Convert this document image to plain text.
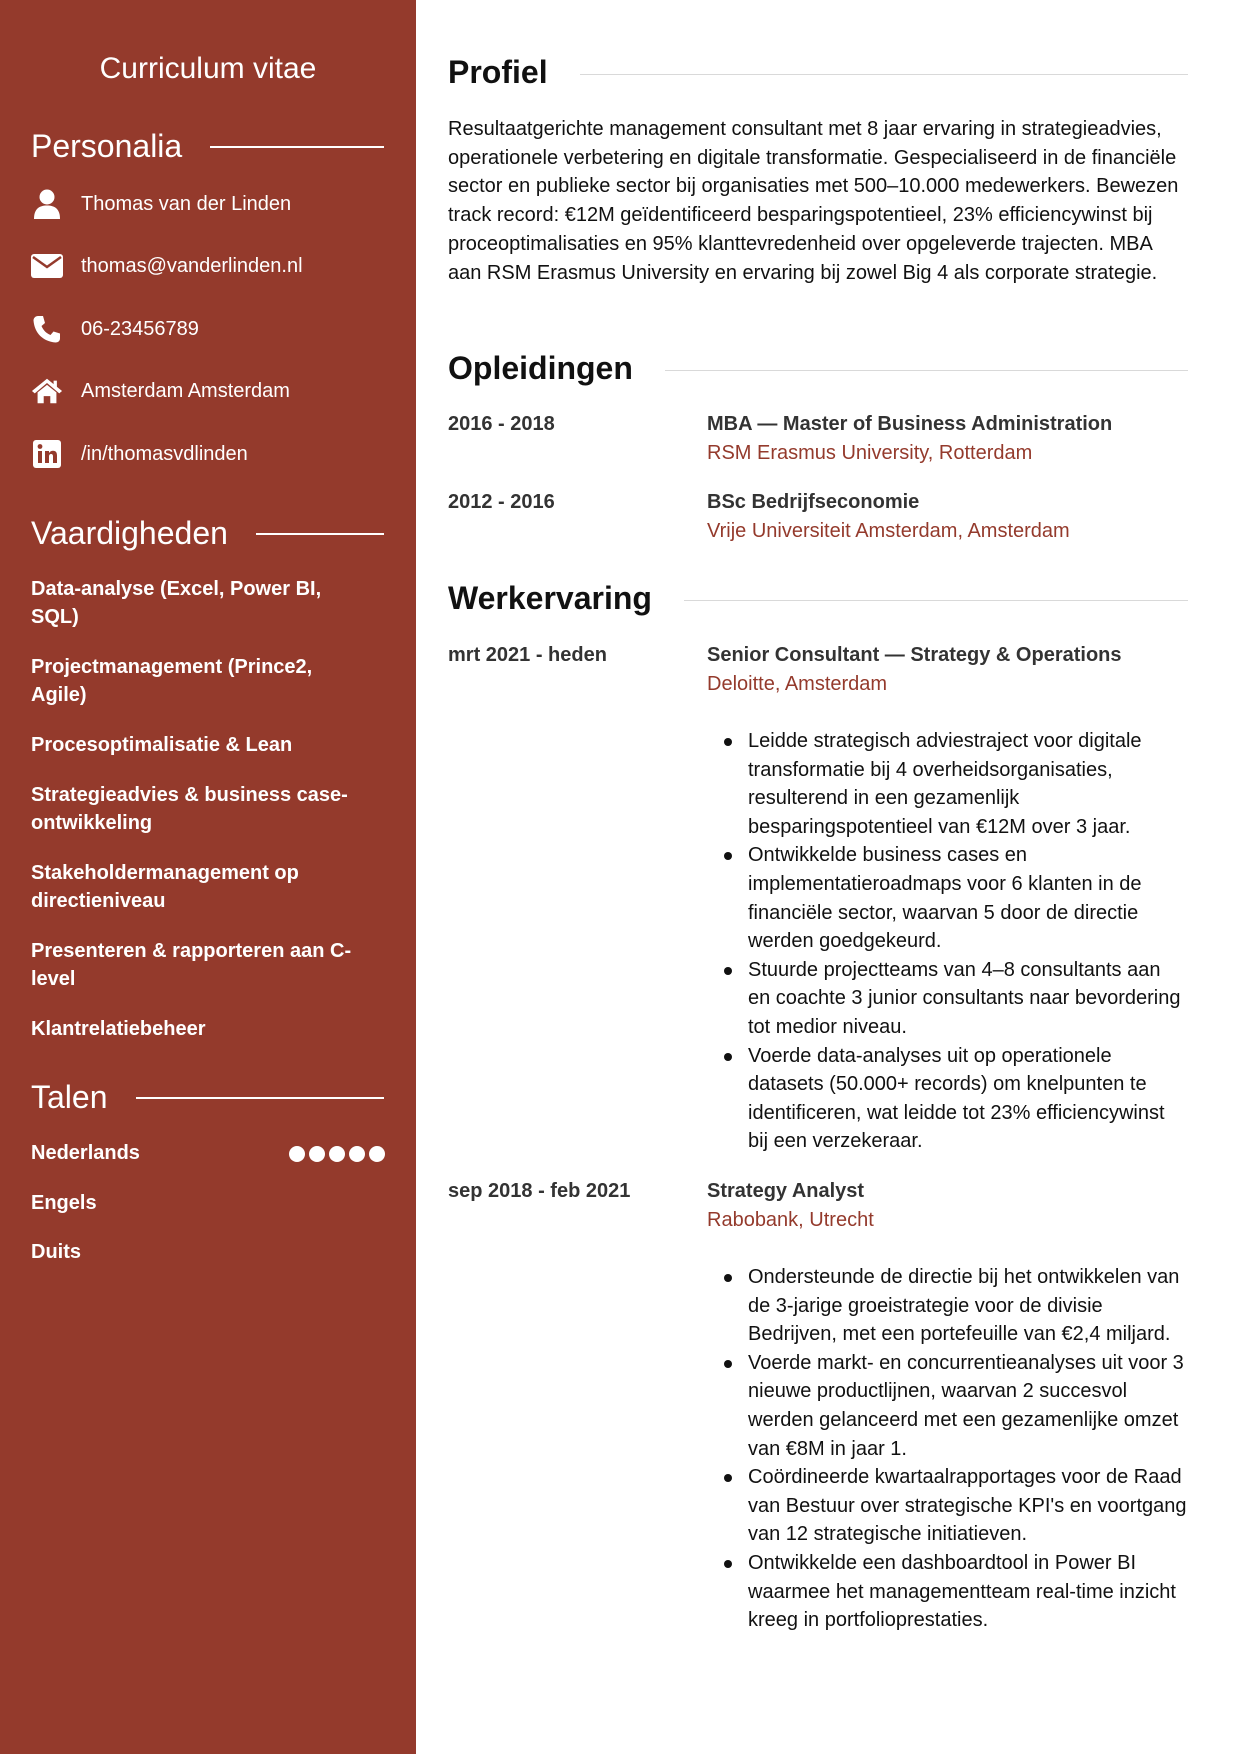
Curriculum vitae
Personalia
Thomas van der Linden
thomas@vanderlinden.nl
06-23456789
Amsterdam Amsterdam
/in/thomasvdlinden
Vaardigheden
Data-analyse (Excel, Power BI, SQL)
Projectmanagement (Prince2, Agile)
Procesoptimalisatie & Lean
Strategieadvies & business case-ontwikkeling
Stakeholdermanagement op directieniveau
Presenteren & rapporteren aan C-level
Klantrelatiebeheer
Talen
Nederlands
Engels
Duits
Profiel

Resultaatgerichte management consultant met 8 jaar ervaring in strategieadvies, operationele verbetering en digitale transformatie. Gespecialiseerd in de financiële sector en publieke sector bij organisaties met 500–10.000 medewerkers. Bewezen track record: €12M geïdentificeerd besparingspotentieel, 23% efficiencywinst bij proceoptimalisaties en 95% klanttevredenheid over opgeleverde trajecten. MBA aan RSM Erasmus University en ervaring bij zowel Big 4 als corporate strategie.

Opleidingen
2016 - 2018	MBA — Master of Business Administration
RSM Erasmus University, Rotterdam
2012 - 2016	BSc Bedrijfseconomie
Vrije Universiteit Amsterdam, Amsterdam
Werkervaring
mrt 2021 - heden	Senior Consultant — Strategy & Operations
Deloitte, Amsterdam
Leidde strategisch adviestraject voor digitale transformatie bij 4 overheidsorganisaties, resulterend in een gezamenlijk besparingspotentieel van €12M over 3 jaar.
Ontwikkelde business cases en implementatieroadmaps voor 6 klanten in de financiële sector, waarvan 5 door de directie werden goedgekeurd.
Stuurde projectteams van 4–8 consultants aan en coachte 3 junior consultants naar bevordering tot medior niveau.
Voerde data-analyses uit op operationele datasets (50.000+ records) om knelpunten te identificeren, wat leidde tot 23% efficiencywinst bij een verzekeraar.
sep 2018 - feb 2021	Strategy Analyst
Rabobank, Utrecht
Ondersteunde de directie bij het ontwikkelen van de 3-jarige groeistrategie voor de divisie Bedrijven, met een portefeuille van €2,4 miljard.
Voerde markt- en concurrentieanalyses uit voor 3 nieuwe productlijnen, waarvan 2 succesvol werden gelanceerd met een gezamenlijke omzet van €8M in jaar 1.
Coördineerde kwartaalrapportages voor de Raad van Bestuur over strategische KPI's en voortgang van 12 strategische initiatieven.
Ontwikkelde een dashboardtool in Power BI waarmee het managementteam real-time inzicht kreeg in portfolioprestaties.
